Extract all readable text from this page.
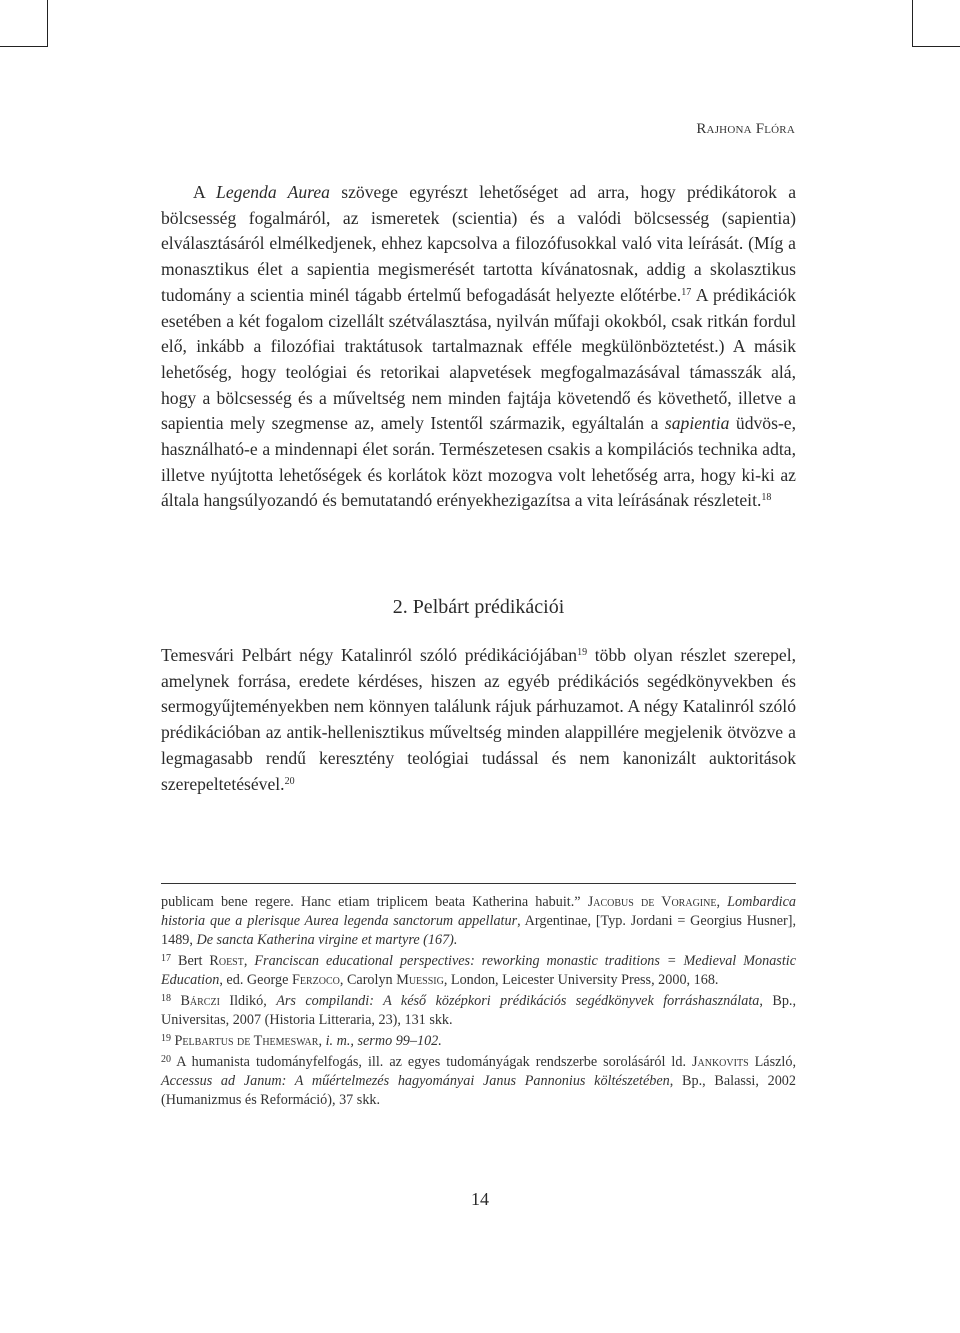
Rajhona Flóra

A Legenda Aurea szövege egyrészt lehetőséget ad arra, hogy prédikátorok a bölcsesség fogalmáról, az ismeretek (scientia) és a valódi bölcsesség (sapientia) elválasztásáról elmélkedjenek, ehhez kapcsolva a filozófusokkal való vita leírását. (Míg a monasztikus élet a sapientia megismerését tartotta kívánatosnak, addig a skolasztikus tudomány a scientia minél tágabb értelmű befogadását helyezte előtérbe.$^{17}$ A prédikációk esetében a két fogalom cizellált szétválasztása, nyilván műfaji okokból, csak ritkán fordul elő, inkább a filozófiai traktátusok tartalmaznak efféle megkülönböztetést.) A másik lehetőség, hogy teológiai és retorikai alapvetések megfogalmazásával támasszák alá, hogy a bölcsesség és a műveltség nem minden fajtája követendő és követhető, illetve a sapientia mely szegmense az, amely Istentől származik, egyáltalán a sapientia üdvös-e, használható-e a mindennapi élet során. Természetesen csakis a kompilációs technika adta, illetve nyújtotta lehetőségek és korlátok közt mozogva volt lehetőség arra, hogy ki-ki az általa hangsúlyozandó és bemutatandó erényekhezigazítsa a vita leírásának részleteit.$^{18}$

2. Pelbárt prédikációi

Temesvári Pelbárt négy Katalinról szóló prédikációjában$^{19}$ több olyan részlet szerepel, amelynek forrása, eredete kérdéses, hiszen az egyéb prédikációs segédkönyvekben és sermogyűjteményekben nem könnyen találunk rájuk párhuzamot. A négy Katalinról szóló prédikációban az antik-hellenisztikus műveltség minden alappillére megjelenik ötvözve a legmagasabb rendű keresztény teológiai tudással és nem kanonizált auktoritások szerepeltetésével.$^{20}$

publicam bene regere. Hanc etiam triplicem beata Katherina habuit.” Jacobus de Voragine, Lombardica historia que a plerisque Aurea legenda sanctorum appellatur, Argentinae, [Typ. Jordani = Georgius Husner], 1489, De sancta Katherina virgine et martyre (167).

$^{17}$ Bert Roest, Franciscan educational perspectives: reworking monastic traditions = Medieval Monastic Education, ed. George Ferzoco, Carolyn Muessig, London, Leicester University Press, 2000, 168.

$^{18}$ Bárczi Ildikó, Ars compilandi: A késő középkori prédikációs segédkönyvek forráshasználata, Bp., Universitas, 2007 (Historia Litteraria, 23), 131 skk.

$^{19}$ Pelbartus de Themeswar, i. m., sermo 99–102.

$^{20}$ A humanista tudományfelfogás, ill. az egyes tudományágak rendszerbe sorolásáról ld. Jankovits László, Accessus ad Janum: A műértelmezés hagyományai Janus Pannonius költészetében, Bp., Balassi, 2002 (Humanizmus és Reformáció), 37 skk.

14
